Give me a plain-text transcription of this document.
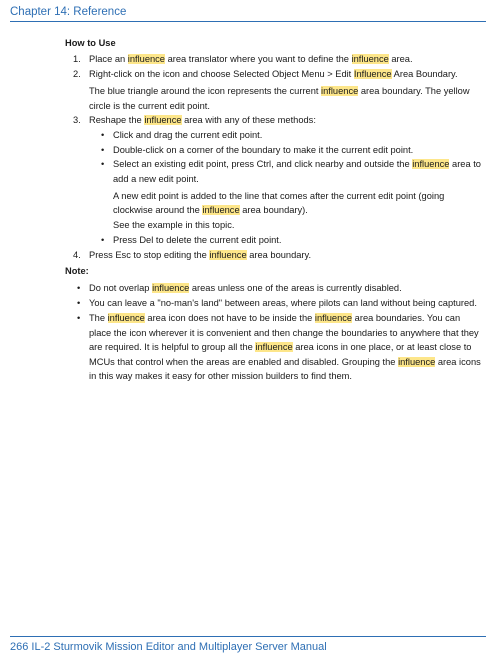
Chapter 14: Reference
How to Use
1. Place an influence area translator where you want to define the influence area.
2. Right-click on the icon and choose Selected Object Menu > Edit Influence Area Boundary.
The blue triangle around the icon represents the current influence area boundary. The yellow circle is the current edit point.
3. Reshape the influence area with any of these methods:
• Click and drag the current edit point.
• Double-click on a corner of the boundary to make it the current edit point.
• Select an existing edit point, press Ctrl, and click nearby and outside the influence area to add a new edit point.
A new edit point is added to the line that comes after the current edit point (going clockwise around the influence area boundary).
See the example in this topic.
• Press Del to delete the current edit point.
4. Press Esc to stop editing the influence area boundary.
Note:
• Do not overlap influence areas unless one of the areas is currently disabled.
• You can leave a "no-man's land" between areas, where pilots can land without being captured.
• The influence area icon does not have to be inside the influence area boundaries. You can place the icon wherever it is convenient and then change the boundaries to anywhere that they are required. It is helpful to group all the influence area icons in one place, or at least close to MCUs that control when the areas are enabled and disabled. Grouping the influence area icons in this way makes it easy for other mission builders to find them.
266 IL-2 Sturmovik Mission Editor and Multiplayer Server Manual
